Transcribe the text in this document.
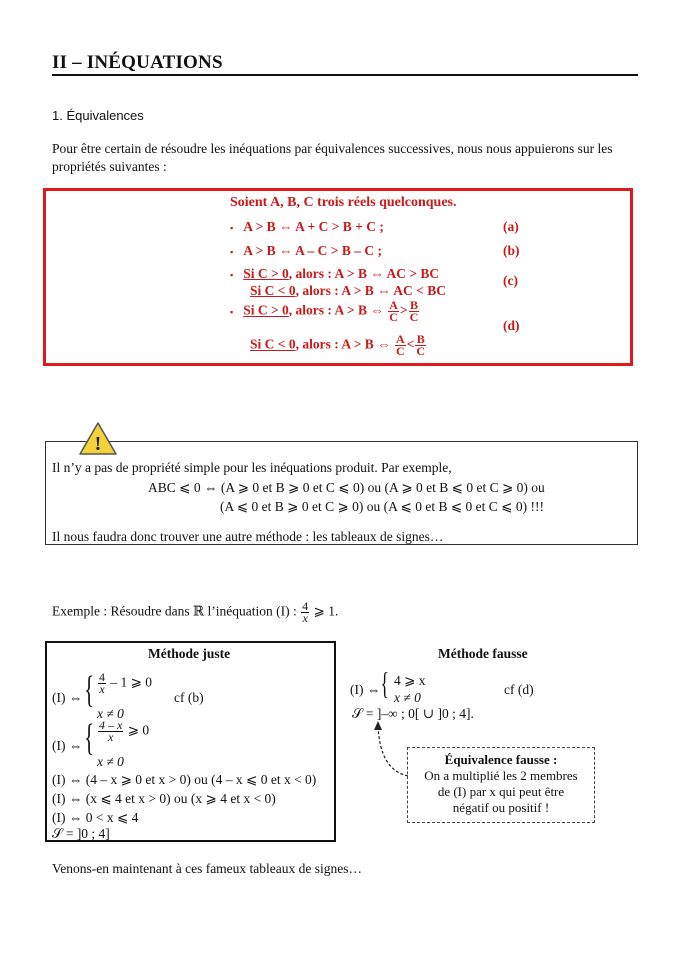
II – INÉQUATIONS
1. Équivalences
Pour être certain de résoudre les inéquations par équivalences successives, nous nous appuierons sur les propriétés suivantes :
Soient A, B, C trois réels quelconques.
▪ A > B ⇔ A + C > B + C ;	(a)
▪ A > B ⇔ A – C > B – C ;	(b)
▪ Si C > 0, alors : A > B ⇔ AC > BC
Si C < 0, alors : A > B ⇔ AC < BC
(c)
▪ Si C > 0, alors : A > B ⇔ $\frac{A}{C} > \frac{B}{C}$
Si C < 0, alors : A > B ⇔ $\frac{A}{C} < \frac{B}{C}$
(d)
!
Il n’y a pas de propriété simple pour les inéquations produit. Par exemple,
ABC ⩽ 0 ⇔ (A ⩾ 0 et B ⩾ 0 et C ⩽ 0) ou (A ⩾ 0 et B ⩽ 0 et C ⩾ 0) ou
(A ⩽ 0 et B ⩾ 0 et C ⩾ 0) ou (A ⩽ 0 et B ⩽ 0 et C ⩽ 0) !!!
Il nous faudra donc trouver une autre méthode : les tableaux de signes…
Exemple : Résoudre dans ℝ l’inéquation (I) : $\frac{4}{x}$ ⩾ 1.
Méthode juste
(I) ⇔ { $\frac{4}{x} - 1$ ⩾ 0
x ≠ 0
cf (b)
(I) ⇔ { $\frac{4 - x}{x}$ ⩾ 0
x ≠ 0
(I) ⇔ (4 – x ⩾ 0 et x > 0) ou (4 – x ⩽ 0 et x < 0)
(I) ⇔ (x ⩽ 4 et x > 0) ou (x ⩾ 4 et x < 0)
(I) ⇔ 0 < x ⩽ 4
𝒮 = ]0 ; 4]
Méthode fausse
(I) ⇔ { 4 ⩾ x
x ≠ 0
cf (d)
𝒮 = ]–∞ ; 0[ ∪ ]0 ; 4].
Équivalence fausse :
On a multiplié les 2 membres
de (I) par x qui peut être
négatif ou positif !
Venons-en maintenant à ces fameux tableaux de signes…
